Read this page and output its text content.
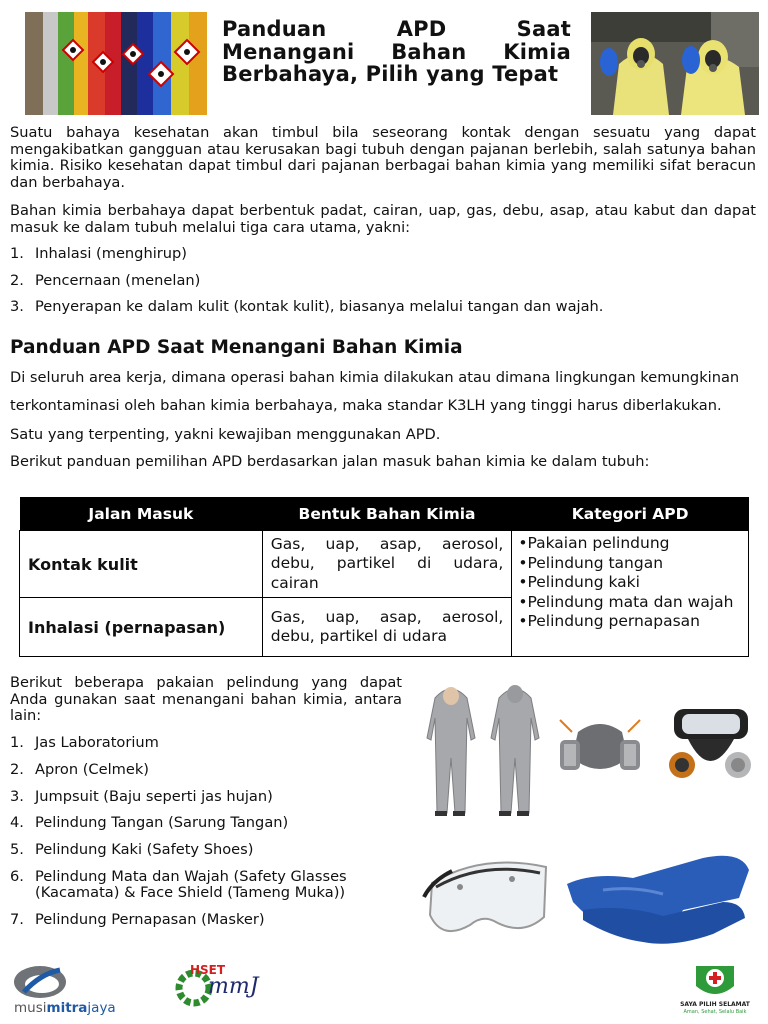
Panduan APD Saat Menangani Bahan Kimia Berbahaya, Pilih yang Tepat
Suatu bahaya kesehatan akan timbul bila seseorang kontak dengan sesuatu yang dapat mengakibatkan gangguan atau kerusakan bagi tubuh dengan pajanan berlebih, salah satunya bahan kimia. Risiko kesehatan dapat timbul dari pajanan berbagai bahan kimia yang memiliki sifat beracun dan berbahaya.
Bahan kimia berbahaya dapat berbentuk padat, cairan, uap, gas, debu, asap, atau kabut dan dapat masuk ke dalam tubuh melalui tiga cara utama, yakni:
1. Inhalasi (menghirup)
2. Pencernaan (menelan)
3. Penyerapan ke dalam kulit (kontak kulit), biasanya melalui tangan dan wajah.
Panduan APD Saat Menangani Bahan Kimia
Di seluruh area kerja, dimana operasi bahan kimia dilakukan atau dimana lingkungan kemungkinan terkontaminasi oleh bahan kimia berbahaya, maka standar K3LH yang tinggi harus diberlakukan. Satu yang terpenting, yakni kewajiban menggunakan APD.
Berikut panduan pemilihan APD berdasarkan jalan masuk bahan kimia ke dalam tubuh:
Jalan Masuk	Bentuk Bahan Kimia	Kategori APD
Kontak kulit	Gas, uap, asap, aerosol, debu, partikel di udara, cairan	•Pakaian pelindung
•Pelindung tangan
•Pelindung kaki
•Pelindung mata dan wajah
•Pelindung pernapasan

Inhalasi (pernapasan)	Gas, uap, asap, aerosol, debu, partikel di udara	
Berikut beberapa pakaian pelindung yang dapat Anda gunakan saat menangani bahan kimia, antara lain:
1. Jas Laboratorium
2. Apron (Celmek)
3. Jumpsuit (Baju seperti jas hujan)
4. Pelindung Tangan (Sarung Tangan)
5. Pelindung Kaki (Safety Shoes)
6. Pelindung Mata dan Wajah (Safety Glasses (Kacamata) & Face Shield (Tameng Muka))
7. Pelindung Pernapasan (Masker)
musimitrajaya
HSET
mmJ
SAYA PILIH SELAMAT
Aman, Sehat, Selalu Baik
